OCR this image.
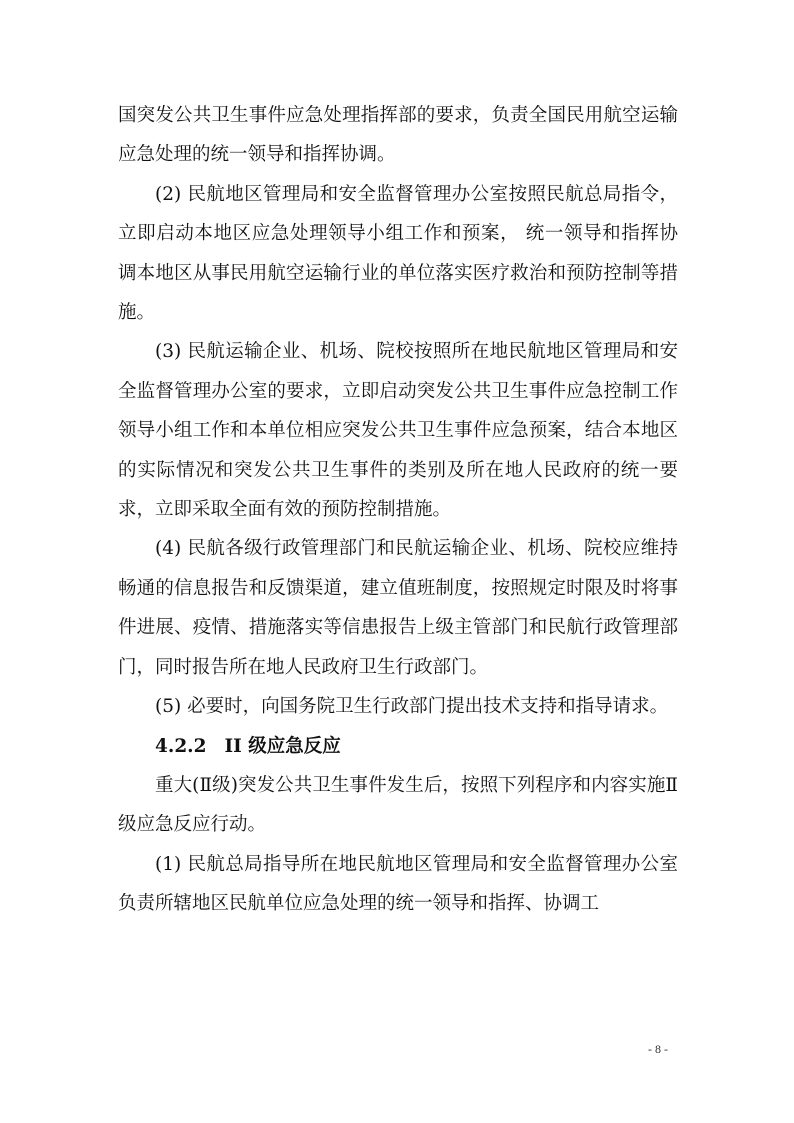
国突发公共卫生事件应急处理指挥部的要求，负责全国民用航空运输应急处理的统一领导和指挥协调。

(2) 民航地区管理局和安全监督管理办公室按照民航总局指令， 立即启动本地区应急处理领导小组工作和预案， 统一领导和指挥协调本地区从事民用航空运输行业的单位落实医疗救治和预防控制等措施。

(3) 民航运输企业、机场、院校按照所在地民航地区管理局和安全监督管理办公室的要求，立即启动突发公共卫生事件应急控制工作领导小组工作和本单位相应突发公共卫生事件应急预案，结合本地区的实际情况和突发公共卫生事件的类别及所在地人民政府的统一要求，立即采取全面有效的预防控制措施。

(4) 民航各级行政管理部门和民航运输企业、机场、院校应维持畅通的信息报告和反馈渠道，建立值班制度，按照规定时限及时将事件进展、疫情、措施落实等信患报告上级主管部门和民航行政管理部门，同时报告所在地人民政府卫生行政部门。

(5) 必要时，向国务院卫生行政部门提出技术支持和指导请求。

4.2.2 II 级应急反应

重大(Ⅱ级)突发公共卫生事件发生后，按照下列程序和内容实施Ⅱ级应急反应行动。

(1) 民航总局指导所在地民航地区管理局和安全监督管理办公室负责所辖地区民航单位应急处理的统一领导和指挥、协调工

- 8 -
